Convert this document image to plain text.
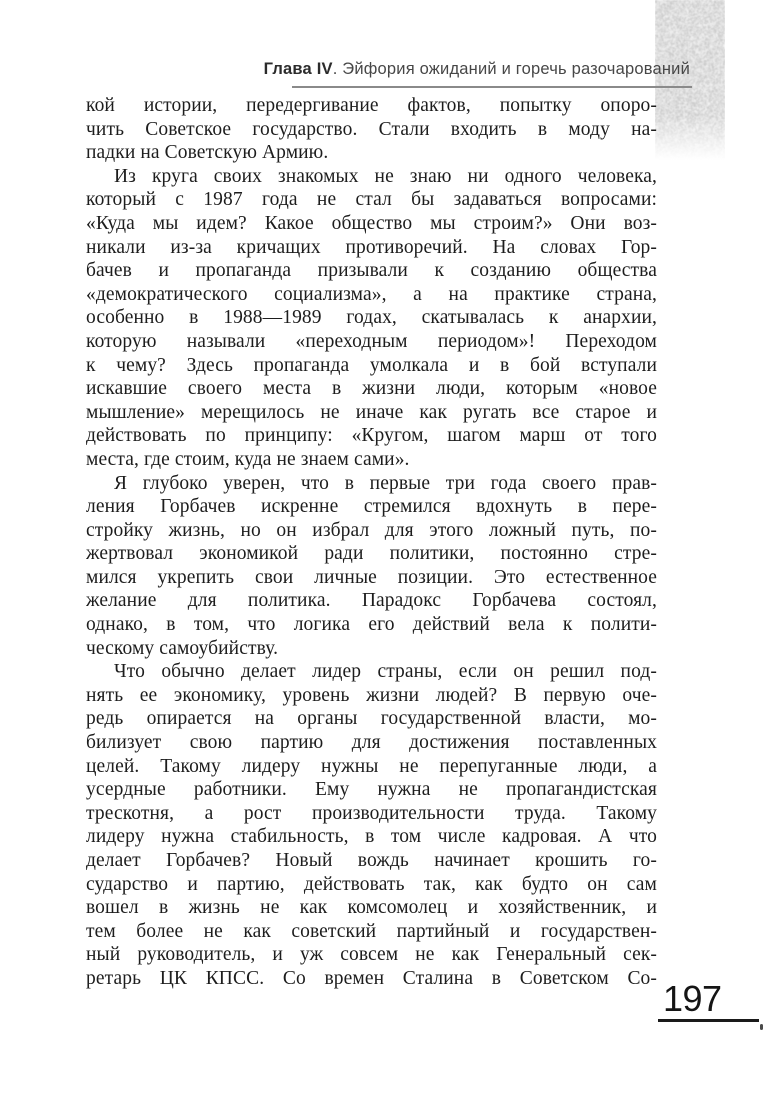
Глава IV. Эйфория ожиданий и горечь разочарований
кой истории, передергивание фактов, попытку опоро-
чить Советское государство. Стали входить в моду на-
падки на Советскую Армию.
Из круга своих знакомых не знаю ни одного человека,
который с 1987 года не стал бы задаваться вопросами:
«Куда мы идем? Какое общество мы строим?» Они воз-
никали из-за кричащих противоречий. На словах Гор-
бачев и пропаганда призывали к созданию общества
«демократического социализма», а на практике страна,
особенно в 1988—1989 годах, скатывалась к анархии,
которую называли «переходным периодом»! Переходом
к чему? Здесь пропаганда умолкала и в бой вступали
искавшие своего места в жизни люди, которым «новое
мышление» мерещилось не иначе как ругать все старое и
действовать по принципу: «Кругом, шагом марш от того
места, где стоим, куда не знаем сами».
Я глубоко уверен, что в первые три года своего прав-
ления Горбачев искренне стремился вдохнуть в пере-
стройку жизнь, но он избрал для этого ложный путь, по-
жертвовал экономикой ради политики, постоянно стре-
мился укрепить свои личные позиции. Это естественное
желание для политика. Парадокс Горбачева состоял,
однако, в том, что логика его действий вела к полити-
ческому самоубийству.
Что обычно делает лидер страны, если он решил под-
нять ее экономику, уровень жизни людей? В первую оче-
редь опирается на органы государственной власти, мо-
билизует свою партию для достижения поставленных
целей. Такому лидеру нужны не перепуганные люди, а
усердные работники. Ему нужна не пропагандистская
трескотня, а рост производительности труда. Такому
лидеру нужна стабильность, в том числе кадровая. А что
делает Горбачев? Новый вождь начинает крошить го-
сударство и партию, действовать так, как будто он сам
вошел в жизнь не как комсомолец и хозяйственник, и
тем более не как советский партийный и государствен-
ный руководитель, и уж совсем не как Генеральный сек-
ретарь ЦК КПСС. Со времен Сталина в Советском Со- 197
